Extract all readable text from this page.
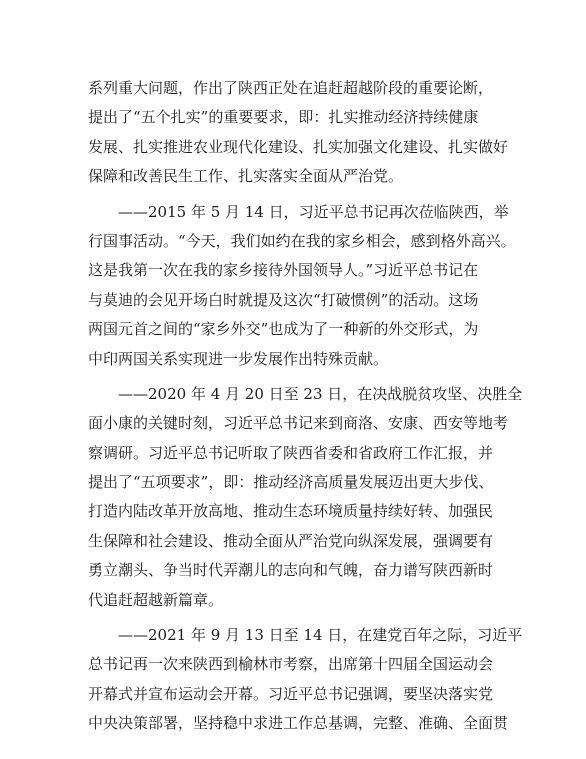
系列重大问题，作出了陕西正处在追赶超越阶段的重要论断，
提出了“五个扎实”的重要要求，即：扎实推动经济持续健康
发展、扎实推进农业现代化建设、扎实加强文化建设、扎实做好
保障和改善民生工作、扎实落实全面从严治党。
——2015 年 5 月 14 日，习近平总书记再次莅临陕西，举
行国事活动。“今天，我们如约在我的家乡相会，感到格外高兴。
这是我第一次在我的家乡接待外国领导人。”习近平总书记在
与莫迪的会见开场白时就提及这次“打破惯例”的活动。这场
两国元首之间的“家乡外交”也成为了一种新的外交形式，为
中印两国关系实现进一步发展作出特殊贡献。
——2020 年 4 月 20 日至 23 日，在决战脱贫攻坚、决胜全
面小康的关键时刻，习近平总书记来到商洛、安康、西安等地考
察调研。习近平总书记听取了陕西省委和省政府工作汇报，并
提出了“五项要求”，即：推动经济高质量发展迈出更大步伐、
打造内陆改革开放高地、推动生态环境质量持续好转、加强民
生保障和社会建设、推动全面从严治党向纵深发展，强调要有
勇立潮头、争当时代弄潮儿的志向和气魄，奋力谱写陕西新时
代追赶超越新篇章。
——2021 年 9 月 13 日至 14 日，在建党百年之际，习近平
总书记再一次来陕西到榆林市考察，出席第十四届全国运动会
开幕式并宣布运动会开幕。习近平总书记强调，要坚决落实党
中央决策部署，坚持稳中求进工作总基调，完整、准确、全面贯
